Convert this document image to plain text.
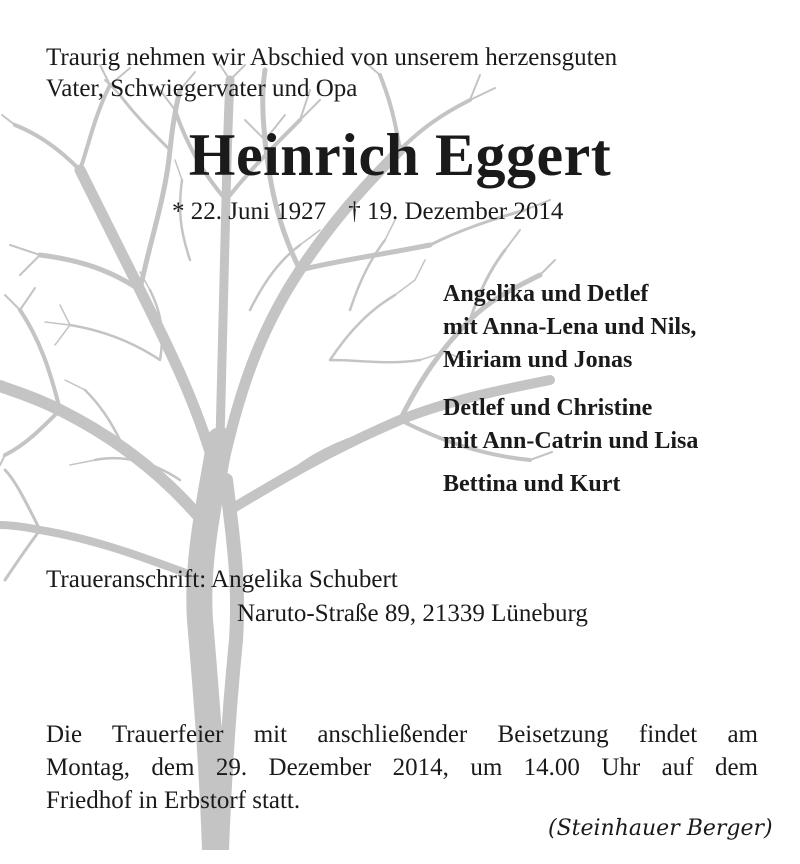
Traurig nehmen wir Abschied von unserem herzensguten
Vater, Schwiegervater und Opa
Heinrich Eggert
* 22. Juni 1927 † 19. Dezember 2014
Angelika und Detlef
mit Anna-Lena und Nils,
Miriam und Jonas
Detlef und Christine
mit Ann-Catrin und Lisa
Bettina und Kurt
Traueranschrift: Angelika Schubert
Naruto-Straße 89, 21339 Lüneburg
Die Trauerfeier mit anschließender Beisetzung findet am
Montag, dem 29. Dezember 2014, um 14.00 Uhr auf dem
Friedhof in Erbstorf statt.
(Steinhauer Berger)
